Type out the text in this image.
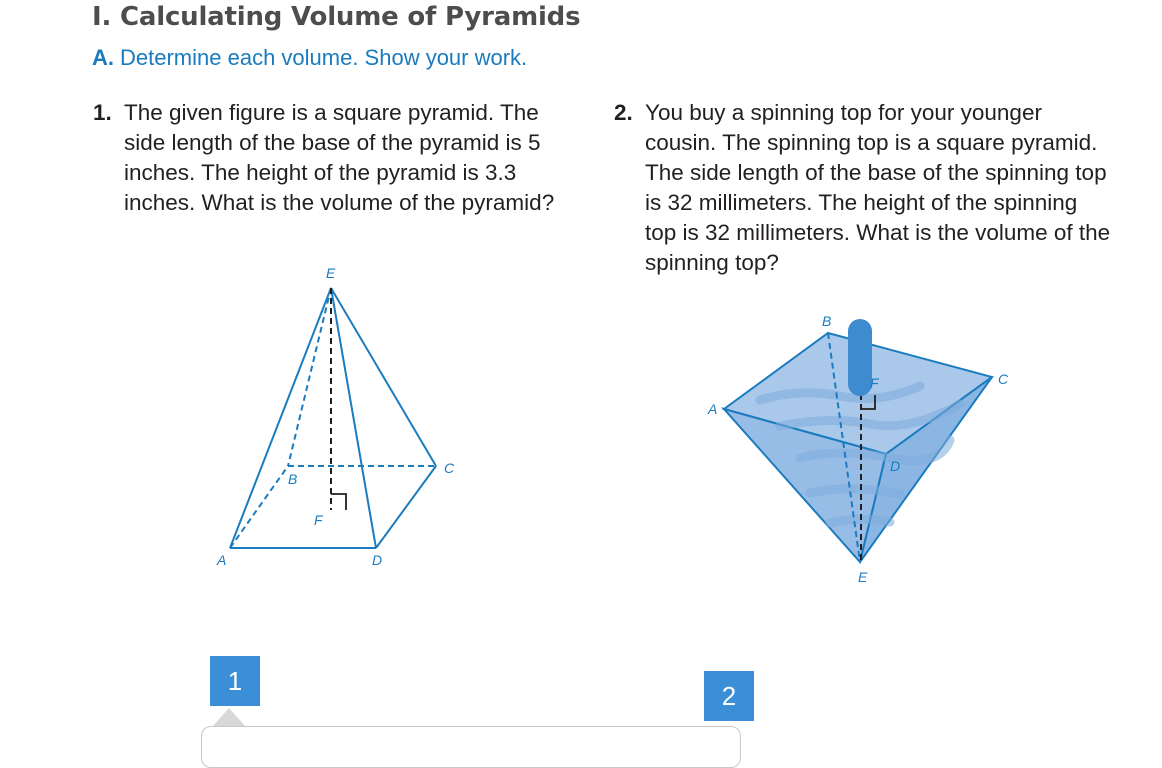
I. Calculating Volume of Pyramids
A. Determine each volume. Show your work.
1. The given figure is a square pyramid. The side length of the base of the pyramid is 5 inches. The height of the pyramid is 3.3 inches. What is the volume of the pyramid?
E
B
C
F
A	D
2. You buy a spinning top for your younger cousin. The spinning top is a square pyramid. The side length of the base of the spinning top is 32 millimeters. The height of the spinning top is 32 millimeters. What is the volume of the spinning top?
B
C
F
A
D
E
1	2
